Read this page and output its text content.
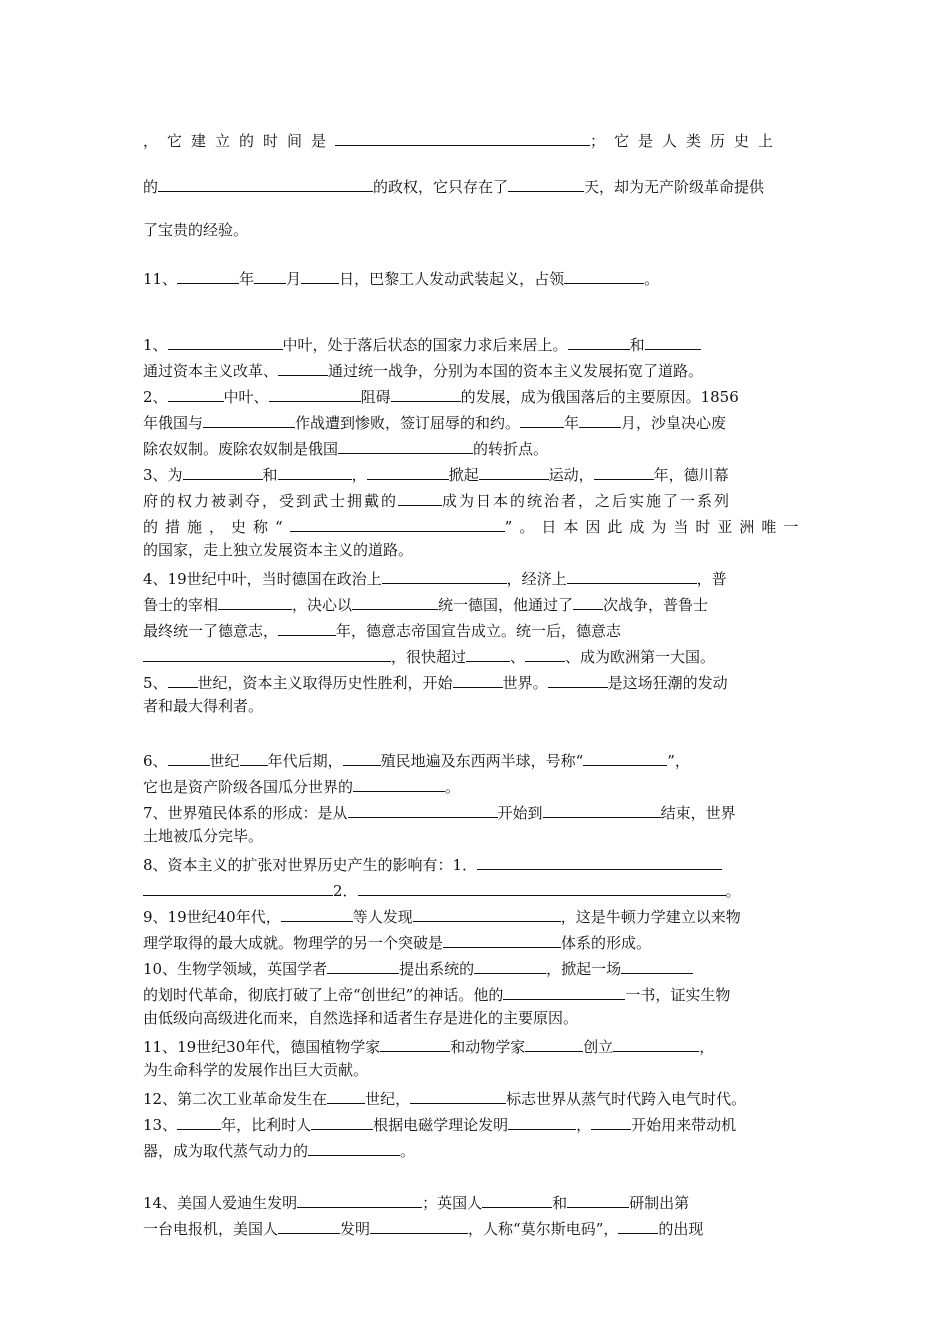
，它建立的时间是	；它是人类历史上
的	的政权，它只存在了	天，却为无产阶级革命提供
了宝贵的经验。
11、	年 月	日，巴黎工人发动武装起义，占领	。
1、	中叶，处于落后状态的国家力求后来居上。	和
通过资本主义改革、	通过统一战争，分别为本国的资本主义发展拓宽了道路。
2、	中叶、	阻碍	的发展，成为俄国落后的主要原因。1856
年俄国与	作战遭到惨败，签订屈辱的和约。	年	月，沙皇决心废
除农奴制。废除农奴制是俄国	的转折点。
3、为	和	，	掀起	运动，	年，德川幕
府的权力被剥夺，受到武士拥戴的	成为日本的统治者，之后实施了一系列
的措施，史称“	”。日本因此成为当时亚洲唯一
的国家，走上独立发展资本主义的道路。
4、19世纪中叶，当时德国在政治上	，经济上	，普
鲁士的宰相	，决心以	统一德国，他通过了 次战争，普鲁士
最终统一了德意志，	年，德意志帝国宣告成立。统一后，德意志
，很快超过	、	、成为欧洲第一大国。
5、 世纪，资本主义取得历史性胜利，开始	世界。	是这场狂潮的发动
者和最大得利者。
6、	世纪 年代后期，	殖民地遍及东西两半球，号称“	”，
它也是资产阶级各国瓜分世界的	。
7、世界殖民体系的形成：是从	开始到	结束，世界
土地被瓜分完毕。
8、资本主义的扩张对世界历史产生的影响有：1．
2．	。
9、19世纪40年代，	等人发现	，这是牛顿力学建立以来物
理学取得的最大成就。物理学的另一个突破是	体系的形成。
10、生物学领域，英国学者	提出系统的	，掀起一场
的划时代革命，彻底打破了上帝“创世纪”的神话。他的	一书，证实生物
由低级向高级进化而来，自然选择和适者生存是进化的主要原因。
11、19世纪30年代，德国植物学家	和动物学家	创立	，
为生命科学的发展作出巨大贡献。
12、第二次工业革命发生在	世纪，	标志世界从蒸气时代跨入电气时代。
13、	年，比利时人	根据电磁学理论发明	，	开始用来带动机
器，成为取代蒸气动力的	。
14、美国人爱迪生发明	；英国人	和	研制出第
一台电报机，美国人	发明	，人称“莫尔斯电码”，	的出现
